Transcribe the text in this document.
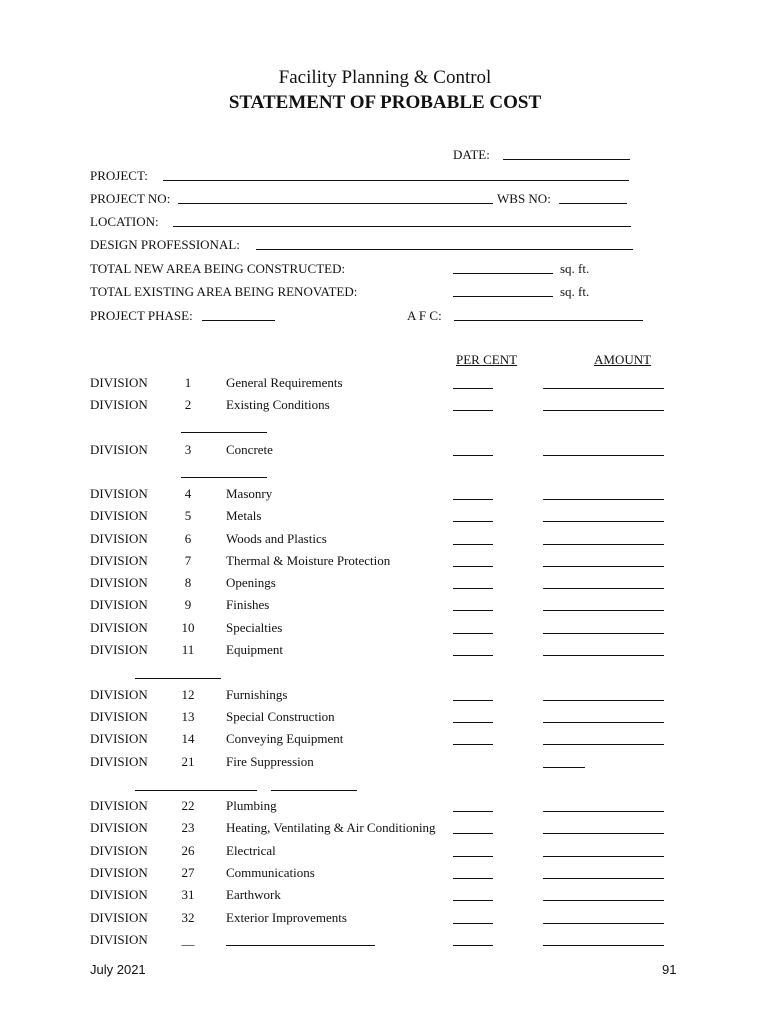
Facility Planning & Control
STATEMENT OF PROBABLE COST
DATE:
PROJECT:
PROJECT NO:	WBS NO:
LOCATION:
DESIGN PROFESSIONAL:
TOTAL NEW AREA BEING CONSTRUCTED:	sq. ft.
TOTAL EXISTING AREA BEING RENOVATED:	sq. ft.
PROJECT PHASE:	A F C:
PER CENT	AMOUNT
DIVISION	1	General Requirements
DIVISION	2	Existing Conditions
DIVISION	3	Concrete
DIVISION	4	Masonry
DIVISION	5	Metals
DIVISION	6	Woods and Plastics
DIVISION	7	Thermal & Moisture Protection
DIVISION	8	Openings
DIVISION	9	Finishes
DIVISION	10	Specialties
DIVISION	11	Equipment
DIVISION	12	Furnishings
DIVISION	13	Special Construction
DIVISION	14	Conveying Equipment
DIVISION	21	Fire Suppression
DIVISION	22	Plumbing
DIVISION	23	Heating, Ventilating & Air Conditioning
DIVISION	26	Electrical
DIVISION	27	Communications
DIVISION	31	Earthwork
DIVISION	32	Exterior Improvements
DIVISION	__
July 2021	91
